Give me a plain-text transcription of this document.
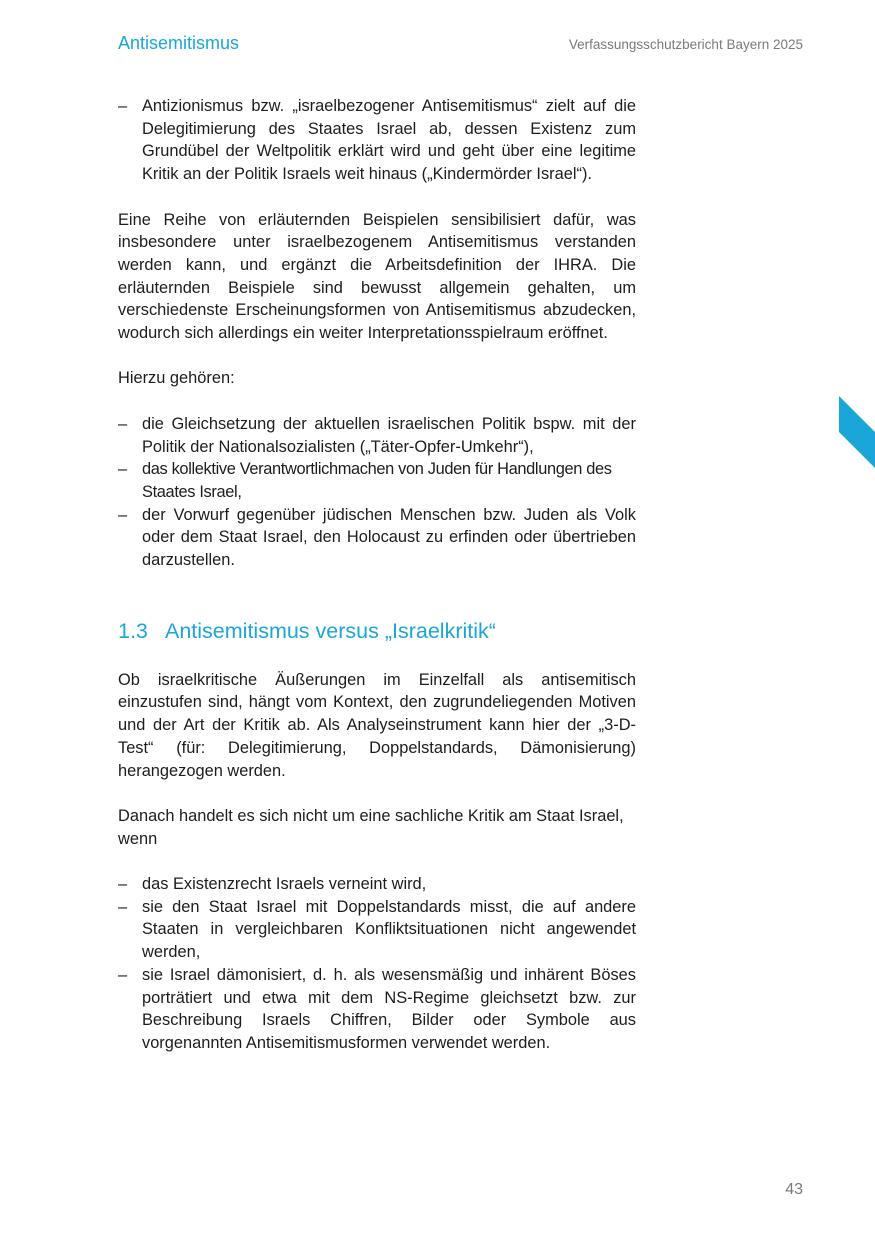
Antisemitismus	Verfassungsschutzbericht Bayern 2025
– Antizionismus bzw. „israelbezogener Antisemitismus“ zielt auf die Delegitimierung des Staates Israel ab, dessen Existenz zum Grundübel der Weltpolitik erklärt wird und geht über eine legitime Kritik an der Politik Israels weit hinaus („Kindermörder Israel“).

Eine Reihe von erläuternden Beispielen sensibilisiert dafür, was insbesondere unter israelbezogenem Antisemitismus verstanden werden kann, und ergänzt die Arbeitsdefinition der IHRA. Die erläuternden Beispiele sind bewusst allgemein gehalten, um verschiedenste Erscheinungsformen von Antisemitismus abzudecken, wodurch sich allerdings ein weiter Interpretationsspielraum eröffnet.

Hierzu gehören:

– die Gleichsetzung der aktuellen israelischen Politik bspw. mit der Politik der Nationalsozialisten („Täter-Opfer-Umkehr“),
– das kollektive Verantwortlichmachen von Juden für Handlungen des Staates Israel,
– der Vorwurf gegenüber jüdischen Menschen bzw. Juden als Volk oder dem Staat Israel, den Holocaust zu erfinden oder übertrieben darzustellen.
1.3 Antisemitismus versus „Israelkritik“

Ob israelkritische Äußerungen im Einzelfall als antisemitisch einzustufen sind, hängt vom Kontext, den zugrundeliegenden Motiven und der Art der Kritik ab. Als Analyseinstrument kann hier der „3-D-Test“ (für: Delegitimierung, Doppelstandards, Dämonisierung) herangezogen werden.

Danach handelt es sich nicht um eine sachliche Kritik am Staat Israel, wenn

– das Existenzrecht Israels verneint wird,
– sie den Staat Israel mit Doppelstandards misst, die auf andere Staaten in vergleichbaren Konfliktsituationen nicht angewendet werden,
– sie Israel dämonisiert, d. h. als wesensmäßig und inhärent Böses porträtiert und etwa mit dem NS-Regime gleichsetzt bzw. zur Beschreibung Israels Chiffren, Bilder oder Symbole aus vorgenannten Antisemitismusformen verwendet werden.
43
